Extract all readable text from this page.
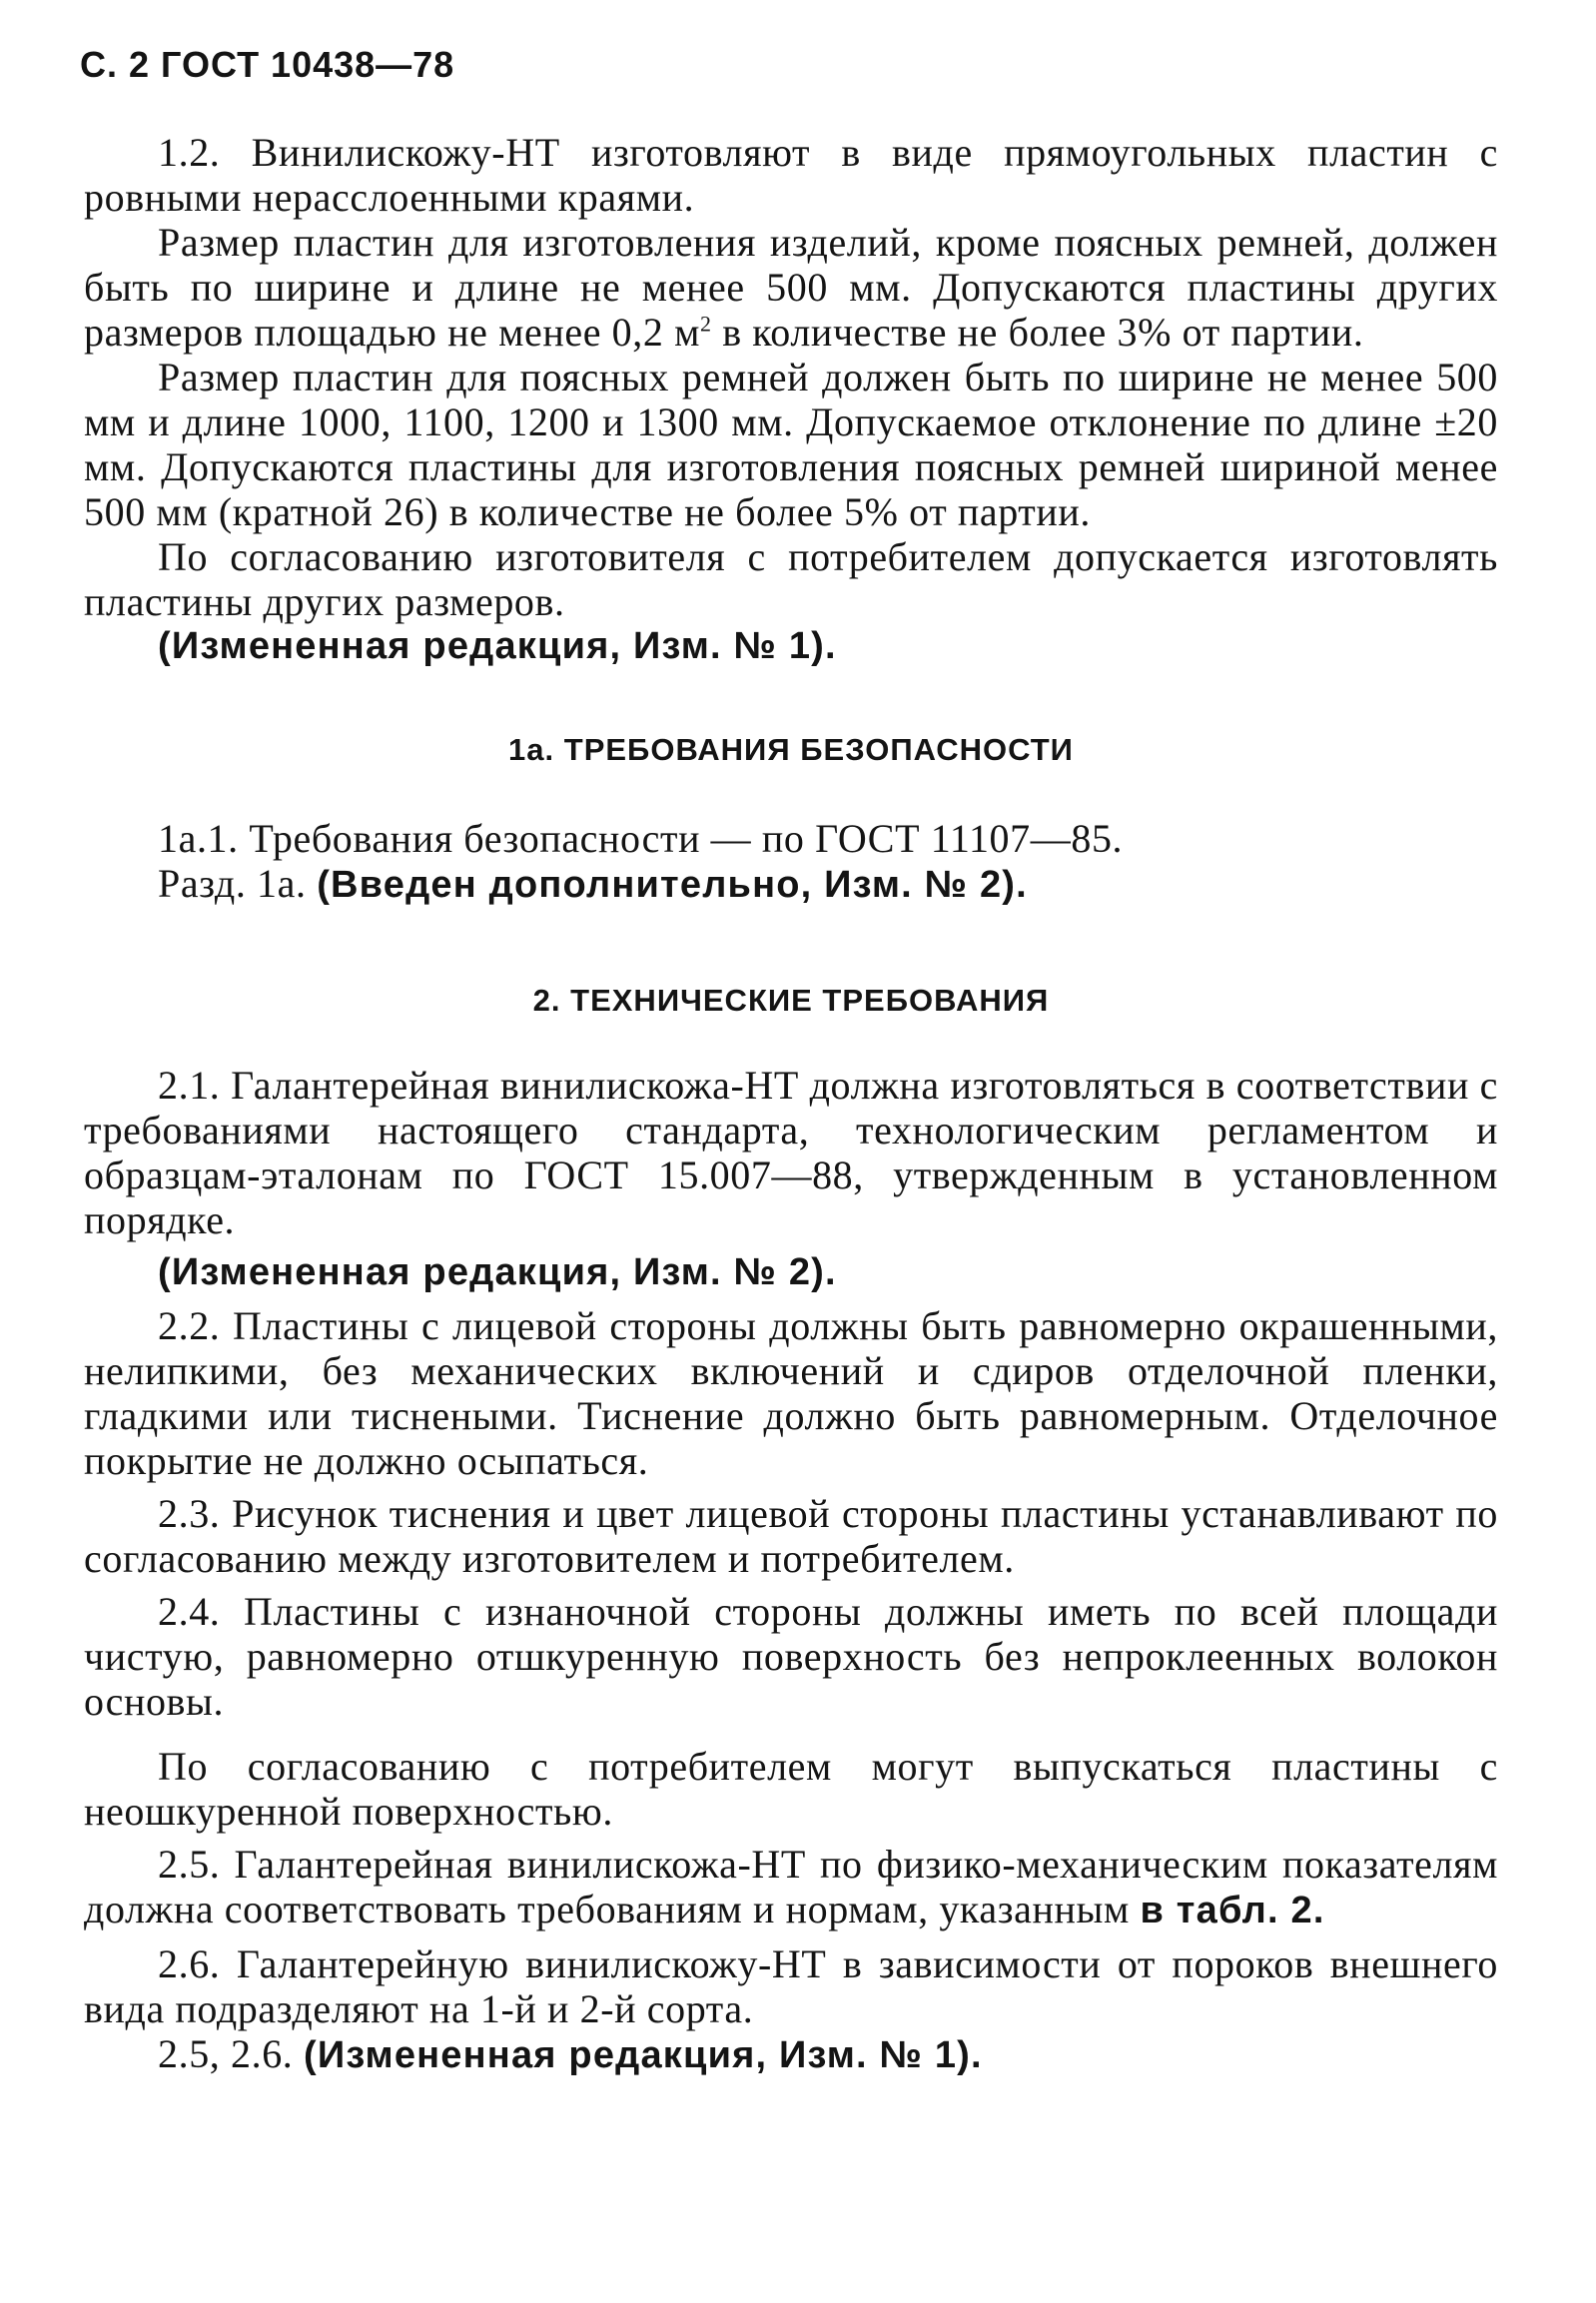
С. 2 ГОСТ 10438—78

1.2. Винилискожу-НТ изготовляют в виде прямоугольных пластин с ровными нерасслоенными краями.

Размер пластин для изготовления изделий, кроме поясных ремней, должен быть по ширине и длине не менее 500 мм. Допускаются пластины других размеров площадью не менее 0,2 $м^2$ в количестве не более 3% от партии.

Размер пластин для поясных ремней должен быть по ширине не менее 500 мм и длине 1000, 1100, 1200 и 1300 мм. Допускаемое отклонение по длине ±20 мм. Допускаются пластины для изготовления поясных ремней шириной менее 500 мм (кратной 26) в количестве не более 5% от партии.

По согласованию изготовителя с потребителем допускается изготовлять пластины других размеров.

(Измененная редакция, Изм. № 1).

1а. ТРЕБОВАНИЯ БЕЗОПАСНОСТИ

1а.1. Требования безопасности — по ГОСТ 11107—85.

Разд. 1а. (Введен дополнительно, Изм. № 2).

2. ТЕХНИЧЕСКИЕ ТРЕБОВАНИЯ

2.1. Галантерейная винилискожа-НТ должна изготовляться в соответствии с требованиями настоящего стандарта, технологическим регламентом и образцам-эталонам по ГОСТ 15.007—88, утвержденным в установленном порядке.

(Измененная редакция, Изм. № 2).

2.2. Пластины с лицевой стороны должны быть равномерно окрашенными, нелипкими, без механических включений и сдиров отделочной пленки, гладкими или тиснеными. Тиснение должно быть равномерным. Отделочное покрытие не должно осыпаться.

2.3. Рисунок тиснения и цвет лицевой стороны пластины устанавливают по согласованию между изготовителем и потребителем.

2.4. Пластины с изнаночной стороны должны иметь по всей площади чистую, равномерно отшкуренную поверхность без непроклеенных волокон основы.

По согласованию с потребителем могут выпускаться пластины с неошкуренной поверхностью.

2.5. Галантерейная винилискожа-НТ по физико-механическим показателям должна соответствовать требованиям и нормам, указанным в табл. 2.

2.6. Галантерейную винилискожу-НТ в зависимости от пороков внешнего вида подразделяют на 1-й и 2-й сорта.

2.5, 2.6. (Измененная редакция, Изм. № 1).
